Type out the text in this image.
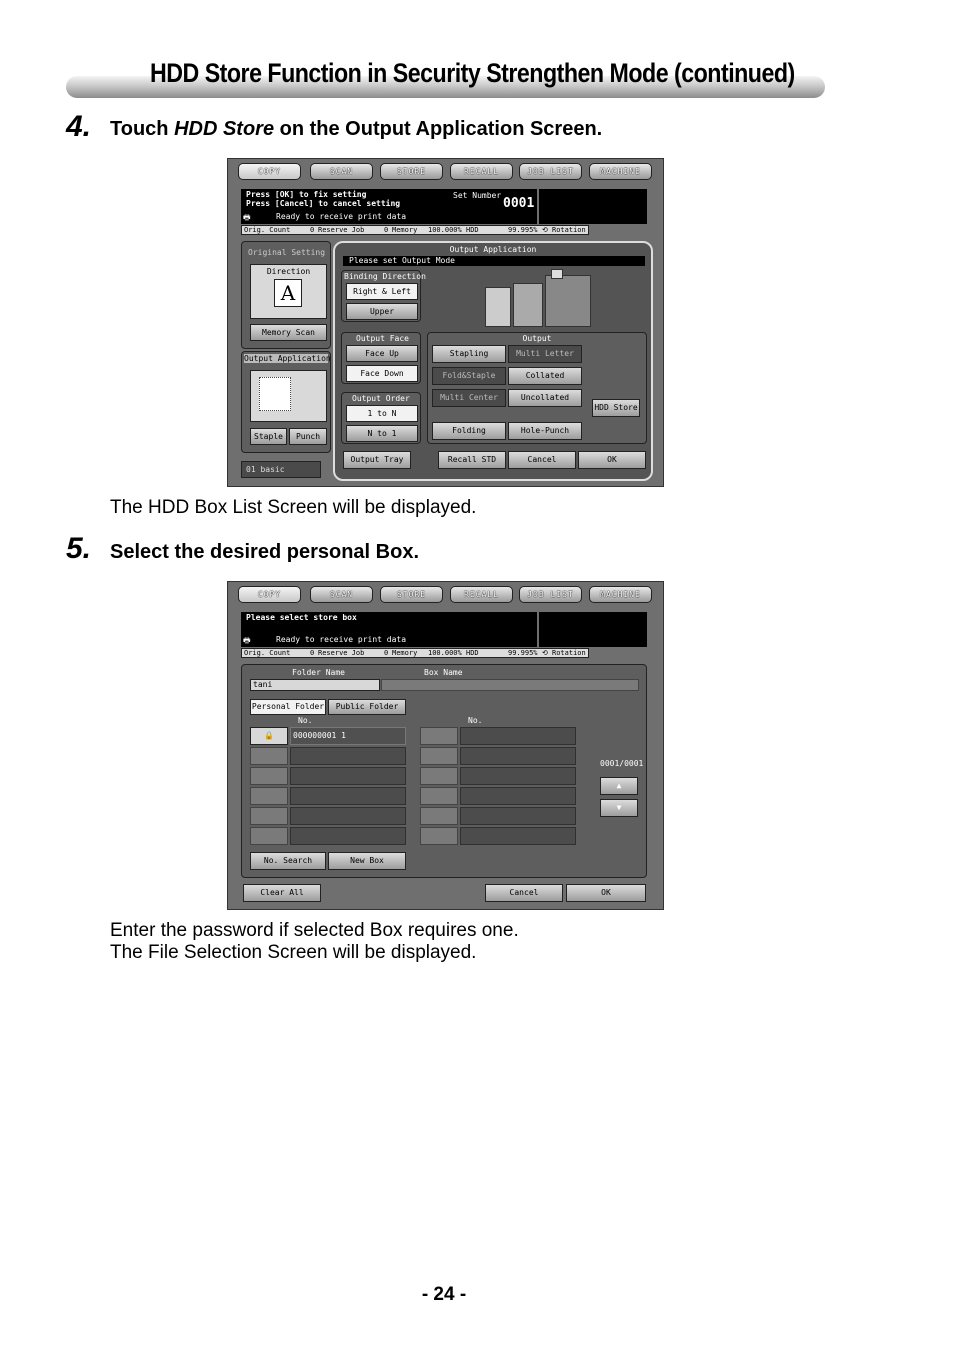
HDD Store Function in Security Strengthen Mode (continued)
4. Touch HDD Store on the Output Application Screen.
COPY	SCAN	STORE	RECALL	JOB LIST	MACHINE
Press [OK] to fix setting
Press [Cancel] to cancel setting
🖶	Ready to receive print data
Set Number
0001
Orig. Count	0 Reserve Job	0 Memory 100.000% HDD	99.995% ⟲ Rotation
Original Setting
Direction
A
Memory Scan
Output Application
Staple	Punch
01 basic
Output Application
Please set Output Mode
Binding Direction
Right & Left
Upper
Output Face
Face Up
Face Down
Output Order
1 to N
N to 1
Output
Stapling	Multi Letter
Fold&Staple	Collated
Multi Center	Uncollated
Folding	Hole-Punch
HDD Store
Output Tray	Recall STD	Cancel	OK
The HDD Box List Screen will be displayed.
5. Select the desired personal Box.
COPY	SCAN	STORE	RECALL	JOB LIST	MACHINE
Please select store box
🖶	Ready to receive print data
Orig. Count	0 Reserve Job	0 Memory 100.000% HDD	99.995% ⟲ Rotation
Folder Name	Box Name
tani
Personal Folder	Public Folder
No.	No.
🔒	000000001 1
0001/0001
▲
▼
No. Search	New Box
Clear All	Cancel	OK
Enter the password if selected Box requires one.
The File Selection Screen will be displayed.
- 24 -
